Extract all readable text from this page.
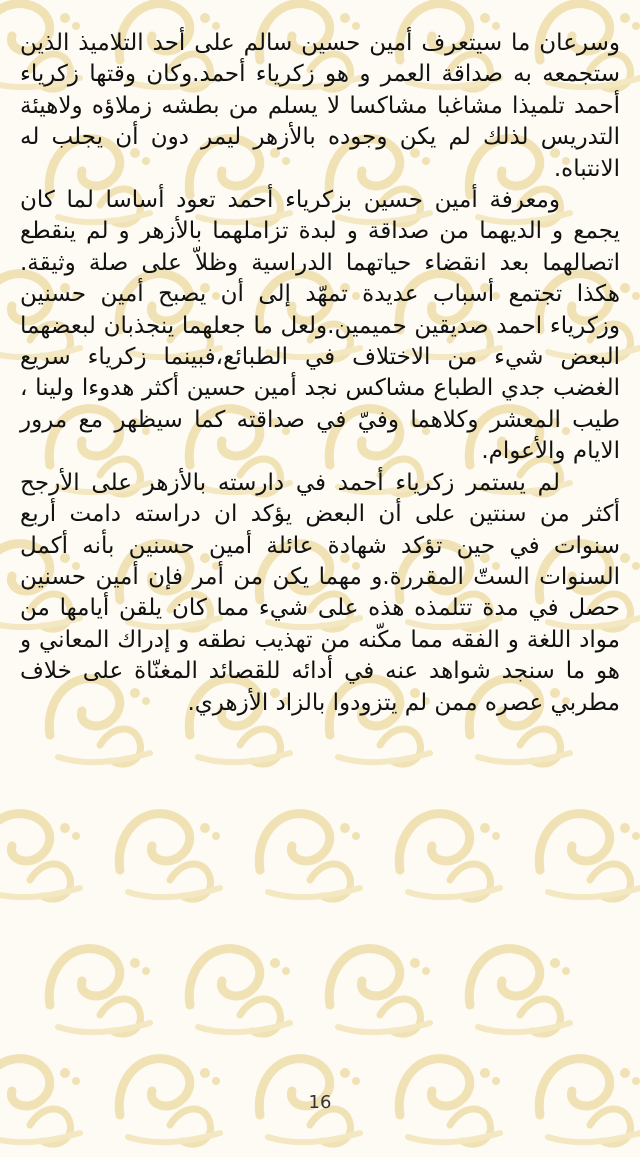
وسرعان ما سيتعرف أمين حسين سالم على أحد التلاميذ الذين ستجمعه به صداقة العمر و هو زكرياء أحمد.وكان وقتها زكرياء أحمد تلميذا مشاغبا مشاكسا لا يسلم من بطشه زملاؤه ولاهيئة التدريس لذلك لم يكن وجوده بالأزهر ليمر دون أن يجلب له الانتباه.

ومعرفة أمين حسين بزكرياء أحمد تعود أساسا لما كان يجمع و الديهما من صداقة و لبدة تزاملهما بالأزهر و لم ينقطع اتصالهما بعد انقضاء حياتهما الدراسية وظلاّ على صلة وثيقة. هكذا تجتمع أسباب عديدة تمهّد إلى أن يصبح أمين حسنين وزكرياء احمد صديقين حميمين.ولعل ما جعلهما ينجذبان لبعضهما البعض شيء من الاختلاف في الطبائع،فبينما زكرياء سريع الغضب جدي الطباع مشاكس نجد أمين حسين أكثر هدوءا ولينا ، طيب المعشر وكلاهما وفيّ في صداقته كما سيظهر مع مرور الايام والأعوام.

لم يستمر زكرياء أحمد في دارسته بالأزهر على الأرجح أكثر من سنتين على أن البعض يؤكد ان دراسته دامت أربع سنوات في حين تؤكد شهادة عائلة أمين حسنين بأنه أكمل السنوات الستّ المقررة.و مهما يكن من أمر فإن أمين حسنين حصل في مدة تتلمذه هذه على شيء مما كان يلقن أيامها من مواد اللغة و الفقه مما مكّنه من تهذيب نطقه و إدراك المعاني و هو ما سنجد شواهد عنه في أدائه للقصائد المغنّاة على خلاف مطربي عصره ممن لم يتزودوا بالزاد الأزهري.

16
